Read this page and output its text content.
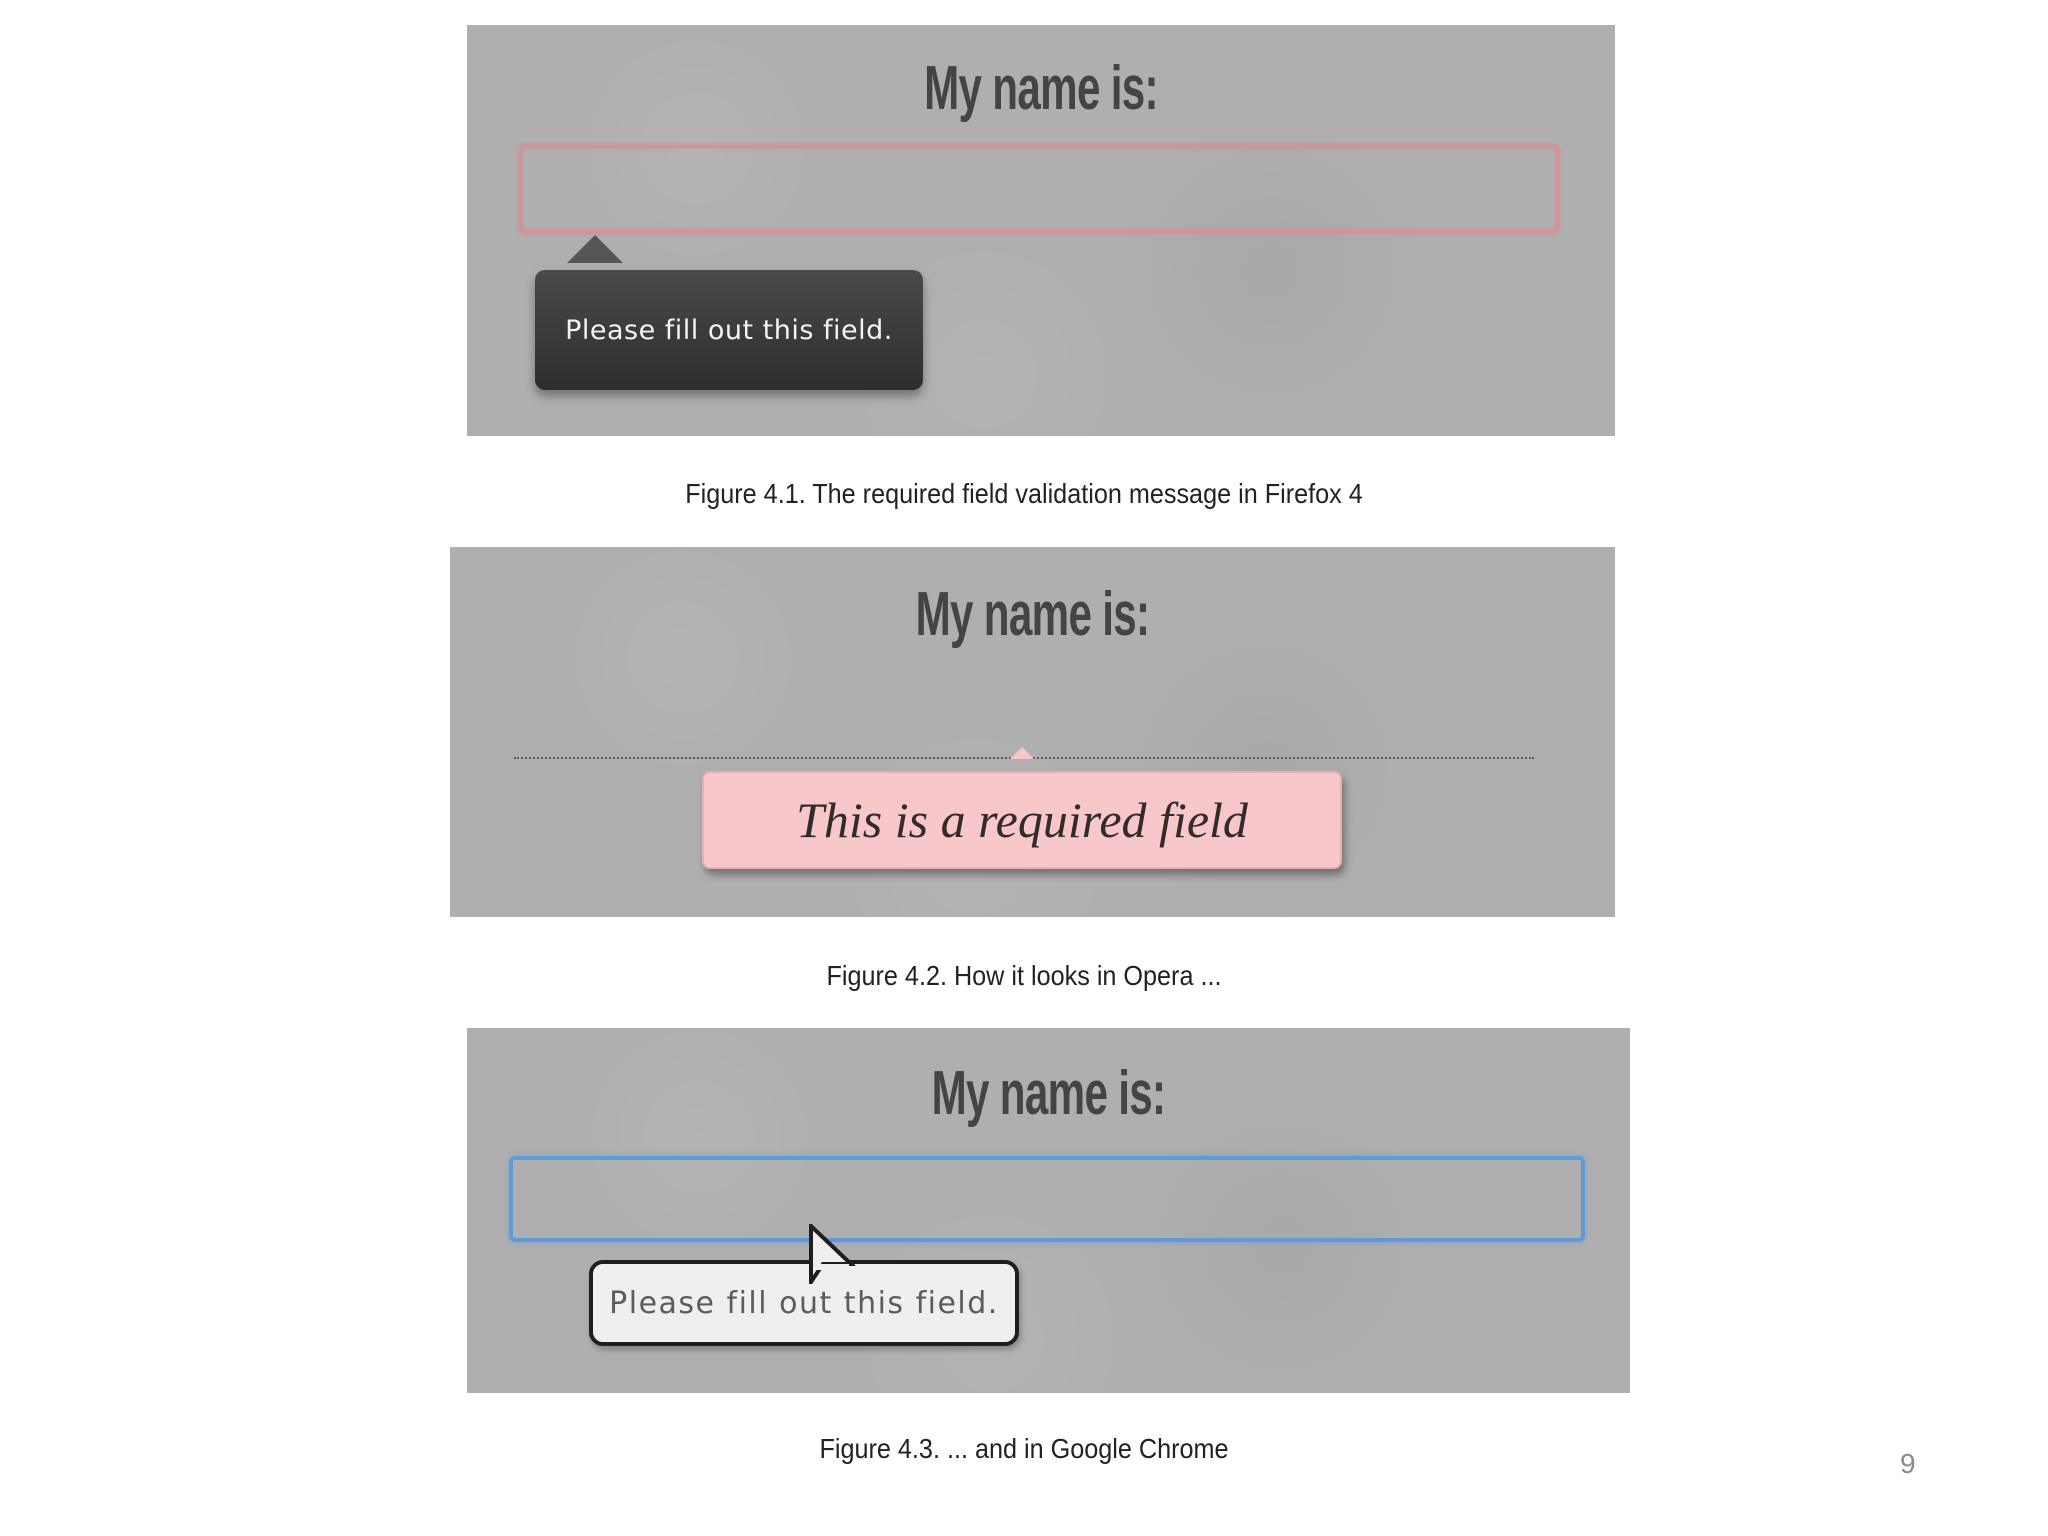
My name is:
Please fill out this field.
Figure 4.1. The required field validation message in Firefox 4
My name is:
This is a required field
Figure 4.2. How it looks in Opera ...
My name is:
Please fill out this field.
Figure 4.3. ... and in Google Chrome	9
